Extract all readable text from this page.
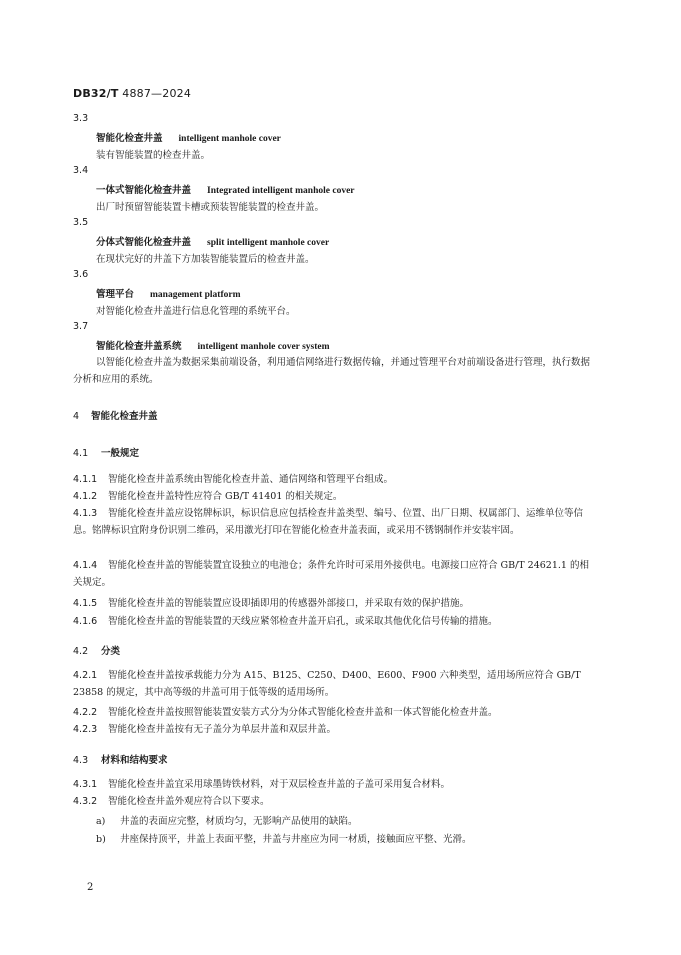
DB32/T 4887—2024
3.3
智能化检查井盖 intelligent manhole cover
装有智能装置的检查井盖。
3.4
一体式智能化检查井盖 Integrated intelligent manhole cover
出厂时预留智能装置卡槽或预装智能装置的检查井盖。
3.5
分体式智能化检查井盖 split intelligent manhole cover
在现状完好的井盖下方加装智能装置后的检查井盖。
3.6
管理平台 management platform
对智能化检查井盖进行信息化管理的系统平台。
3.7
智能化检查井盖系统 intelligent manhole cover system
以智能化检查井盖为数据采集前端设备，利用通信网络进行数据传输，并通过管理平台对前端设备进行管理，执行数据分析和应用的系统。
4 智能化检查井盖
4.1 一般规定
4.1.1 智能化检查井盖系统由智能化检查井盖、通信网络和管理平台组成。
4.1.2 智能化检查井盖特性应符合 GB/T 41401 的相关规定。
4.1.3 智能化检查井盖应设铭牌标识，标识信息应包括检查井盖类型、编号、位置、出厂日期、权属部门、运维单位等信息。铭牌标识宜附身份识别二维码，采用激光打印在智能化检查井盖表面，或采用不锈钢制作并安装牢固。
4.1.4 智能化检查井盖的智能装置宜设独立的电池仓；条件允许时可采用外接供电。电源接口应符合 GB/T 24621.1 的相关规定。
4.1.5 智能化检查井盖的智能装置应设即插即用的传感器外部接口，并采取有效的保护措施。
4.1.6 智能化检查井盖的智能装置的天线应紧邻检查井盖开启孔，或采取其他优化信号传输的措施。
4.2 分类
4.2.1 智能化检查井盖按承载能力分为 A15、B125、C250、D400、E600、F900 六种类型，适用场所应符合 GB/T 23858 的规定，其中高等级的井盖可用于低等级的适用场所。
4.2.2 智能化检查井盖按照智能装置安装方式分为分体式智能化检查井盖和一体式智能化检查井盖。
4.2.3 智能化检查井盖按有无子盖分为单层井盖和双层井盖。
4.3 材料和结构要求
4.3.1 智能化检查井盖宜采用球墨铸铁材料，对于双层检查井盖的子盖可采用复合材料。
4.3.2 智能化检查井盖外观应符合以下要求。
a) 井盖的表面应完整，材质均匀，无影响产品使用的缺陷。
b) 井座保持顶平，井盖上表面平整，井盖与井座应为同一材质，接触面应平整、光滑。
2
